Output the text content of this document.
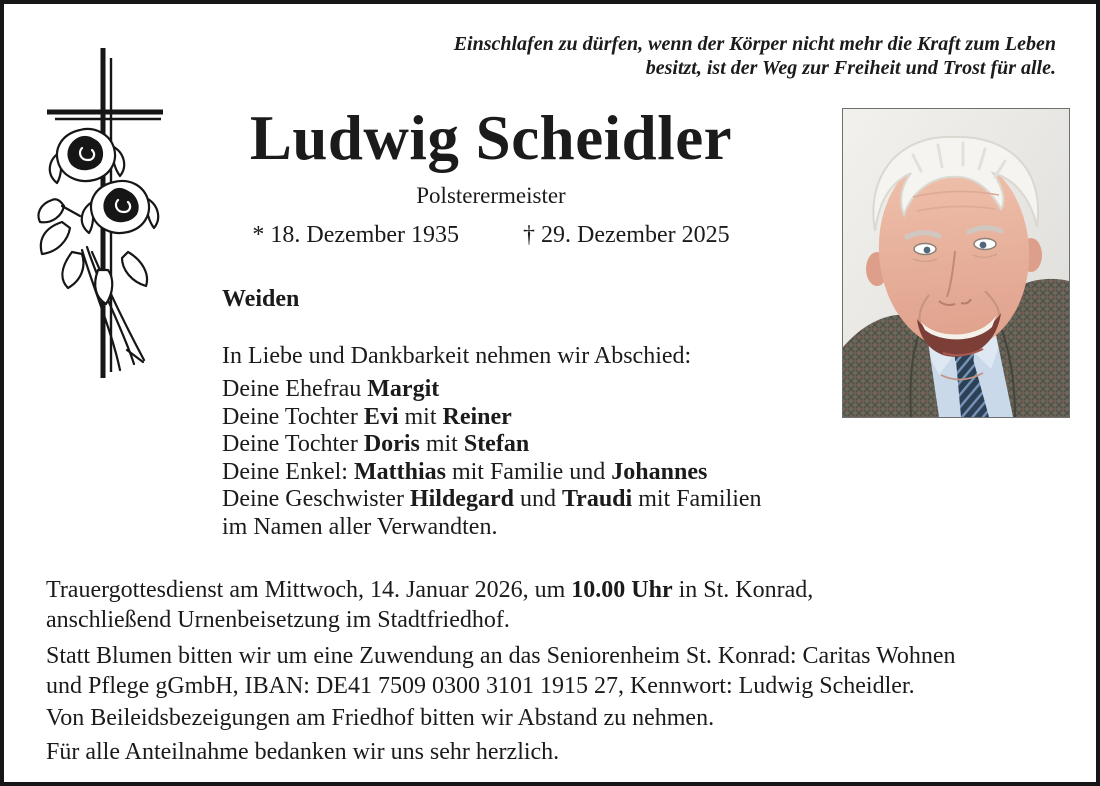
Einschlafen zu dürfen, wenn der Körper nicht mehr die Kraft zum Leben
besitzt, ist der Weg zur Freiheit und Trost für alle.
Ludwig Scheidler
Polsterermeister
* 18. Dezember 1935	† 29. Dezember 2025
Weiden
In Liebe und Dankbarkeit nehmen wir Abschied:
Deine Ehefrau Margit
Deine Tochter Evi mit Reiner
Deine Tochter Doris mit Stefan
Deine Enkel: Matthias mit Familie und Johannes
Deine Geschwister Hildegard und Traudi mit Familien
im Namen aller Verwandten.
Trauergottesdienst am Mittwoch, 14. Januar 2026, um 10.00 Uhr in St. Konrad,
anschließend Urnenbeisetzung im Stadtfriedhof.
Statt Blumen bitten wir um eine Zuwendung an das Seniorenheim St. Konrad: Caritas Wohnen
und Pflege gGmbH, IBAN: DE41 7509 0300 3101 1915 27, Kennwort: Ludwig Scheidler.
Von Beileidsbezeigungen am Friedhof bitten wir Abstand zu nehmen.
Für alle Anteilnahme bedanken wir uns sehr herzlich.
